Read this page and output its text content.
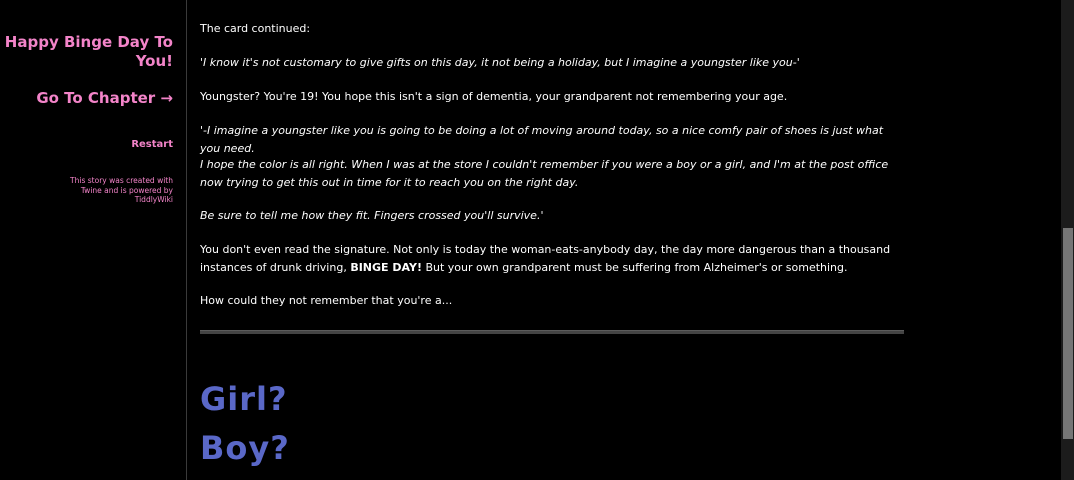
Happy Binge Day To You!
Go To Chapter →
Restart
This story was created with Twine and is powered by TiddlyWiki

The card continued:

'I know it's not customary to give gifts on this day, it not being a holiday, but I imagine a youngster like you-'

Youngster? You're 19! You hope this isn't a sign of dementia, your grandparent not remembering your age.

'-I imagine a youngster like you is going to be doing a lot of moving around today, so a nice comfy pair of shoes is just what you need.

I hope the color is all right. When I was at the store I couldn't remember if you were a boy or a girl, and I'm at the post office now trying to get this out in time for it to reach you on the right day.

Be sure to tell me how they fit. Fingers crossed you'll survive.'

You don't even read the signature. Not only is today the woman-eats-anybody day, the day more dangerous than a thousand instances of drunk driving, BINGE DAY! But your own grandparent must be suffering from Alzheimer's or something.

How could they not remember that you're a...

Girl?
Boy?
